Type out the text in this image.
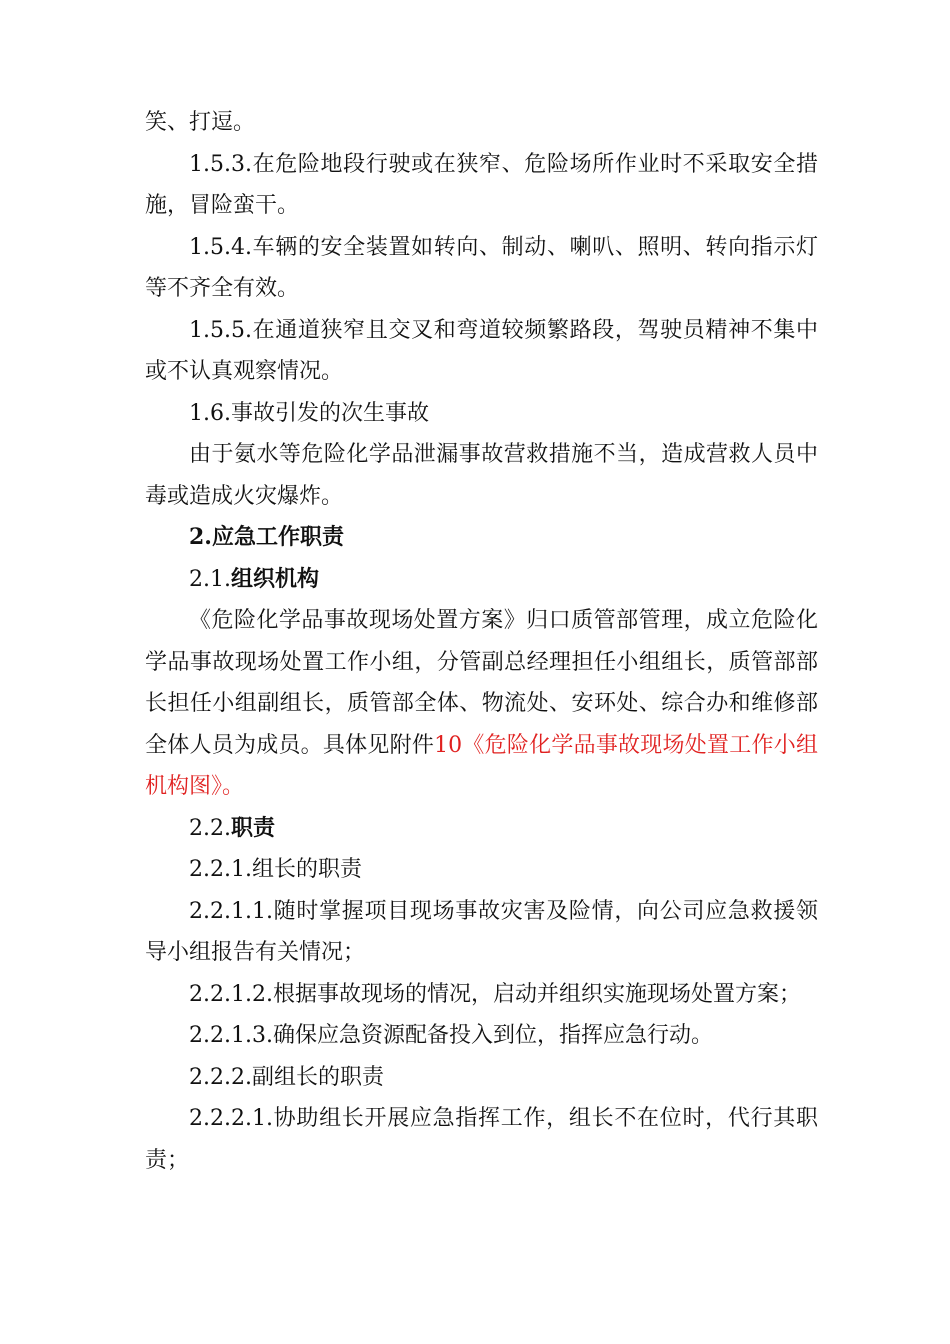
笑、打逗。

1.5.3.在危险地段行驶或在狭窄、危险场所作业时不采取安全措施，冒险蛮干。

1.5.4.车辆的安全装置如转向、制动、喇叭、照明、转向指示灯等不齐全有效。

1.5.5.在通道狭窄且交叉和弯道较频繁路段，驾驶员精神不集中或不认真观察情况。

1.6.事故引发的次生事故

由于氨水等危险化学品泄漏事故营救措施不当，造成营救人员中毒或造成火灾爆炸。

2.应急工作职责

2.1.组织机构

《危险化学品事故现场处置方案》归口质管部管理，成立危险化学品事故现场处置工作小组，分管副总经理担任小组组长，质管部部长担任小组副组长，质管部全体、物流处、安环处、综合办和维修部全体人员为成员。具体见附件10《危险化学品事故现场处置工作小组机构图》。

2.2.职责

2.2.1.组长的职责

2.2.1.1.随时掌握项目现场事故灾害及险情，向公司应急救援领导小组报告有关情况；

2.2.1.2.根据事故现场的情况，启动并组织实施现场处置方案；

2.2.1.3.确保应急资源配备投入到位，指挥应急行动。

2.2.2.副组长的职责

2.2.2.1.协助组长开展应急指挥工作，组长不在位时，代行其职责；
